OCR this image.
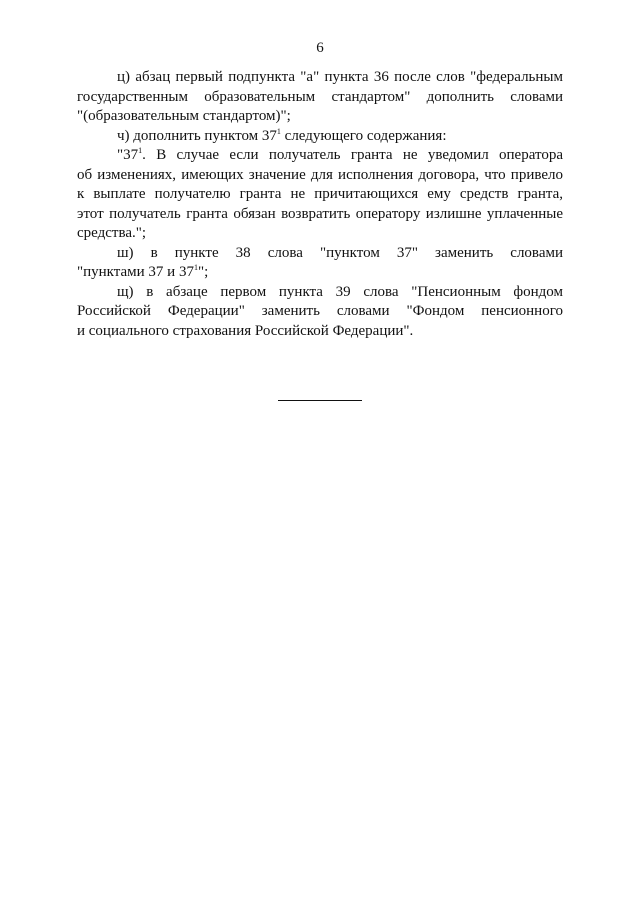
6

ц) абзац первый подпункта "а" пункта 36 после слов "федеральным
государственным образовательным стандартом" дополнить словами
"(образовательным стандартом)";

ч) дополнить пунктом $37^1$ следующего содержания:

"$37^1$. В случае если получатель гранта не уведомил оператора
об изменениях, имеющих значение для исполнения договора, что привело
к выплате получателю гранта не причитающихся ему средств гранта,
этот получатель гранта обязан возвратить оператору излишне уплаченные
средства.";

ш) в пункте 38 слова "пунктом 37" заменить словами
"пунктами 37 и $37^1$";

щ) в абзаце первом пункта 39 слова "Пенсионным фондом
Российской Федерации" заменить словами "Фондом пенсионного
и социального страхования Российской Федерации".
